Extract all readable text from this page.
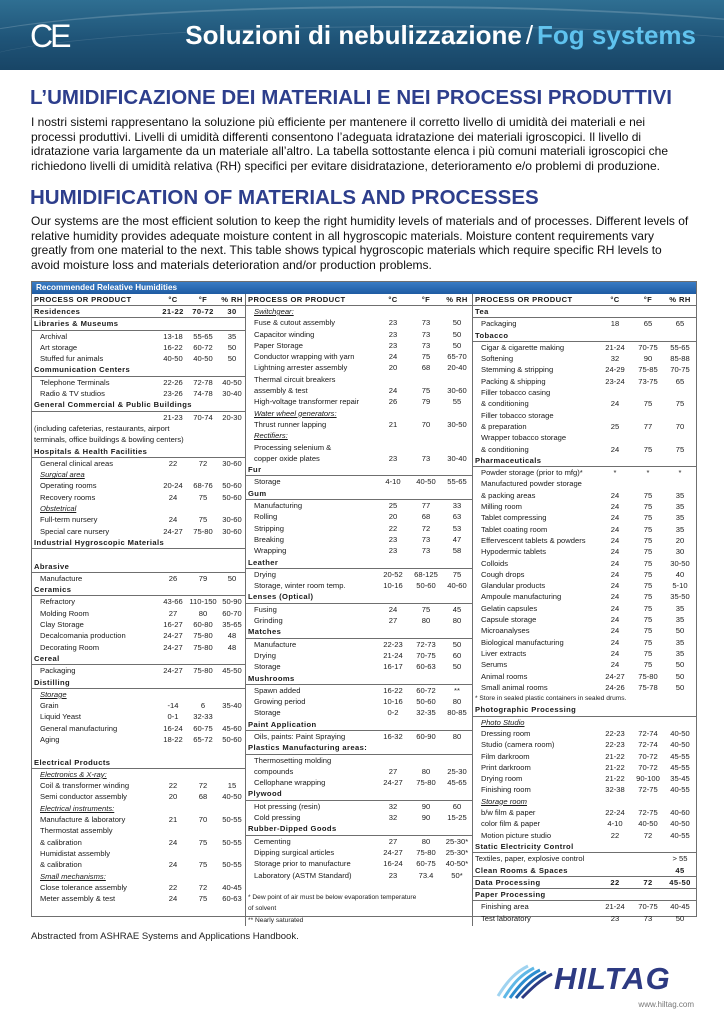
CE	Soluzioni di nebulizzazione / Fog systems
L’UMIDIFICAZIONE DEI MATERIALI E NEI PROCESSI PRODUTTIVI

I nostri sistemi rappresentano la soluzione più efficiente per mantenere il corretto livello di umidità dei materiali e nei processi produttivi. Livelli di umidità differenti consentono l’adeguata idratazione dei materiali igroscopici. Il livello di idratazione varia largamente da un materiale all’altro. La tabella sottostante elenca i più comuni materiali igroscopici che richiedono livelli di umidità relativa (RH) specifici per evitare disidratazione, deterioramento e/o problemi di produzione.

HUMIDIFICATION OF MATERIALS AND PROCESSES

Our systems are the most efficient solution to keep the right humidity levels of materials and of processes. Different levels of relative humidity provides adequate moisture content in all hygroscopic materials. Moisture content requirements vary greatly from one material to the next. This table shows typical hygroscopic materials which require specific RH levels to avoid moisture loss and materials deterioration and/or production problems.

Recommended Releative Humidities
PROCESS OR PRODUCT	°C	°F	% RH
Residences	21-22	70-72	30
Libraries & Museums
Archival	13-18	55-65	35
Art storage	16-22	60-72	50
Stuffed fur animals	40-50	40-50	50
Communication Centers
Telephone Terminals	22-26	72-78	40-50
Radio & TV studios	23-26	74-78	30-40
General Commercial & Public Buildings
21-23	70-74	20-30
(including cafeterias, restaurants, airport
terminals, office buildings & bowling centers)
Hospitals & Health Facilities
General clinical areas	22	72	30-60
Surgical area
Operating rooms	20-24	68-76	50-60
Recovery rooms	24	75	50-60
Obstetrical
Full-term nursery	24	75	30-60
Special care nursery	24-27	75-80	30-60
Industrial Hygroscopic Materials
Abrasive
Manufacture	26	79	50
Ceramics
Refractory	43-66 110-150 50-90
Molding Room	27	80	60-70
Clay Storage	16-27	60-80	35-65
Decalcomania production	24-27	75-80	48
Decorating Room	24-27	75-80	48
Cereal
Packaging	24-27	75-80	45-50
Distilling
Storage
Grain	-14	6	35-40
Liquid Yeast	0-1	32-33
General manufacturing	16-24	60-75	45-60
Aging	18-22	65-72	50-60
Electrical Products
Electronics & X-ray:
Coil & transformer winding	22	72	15
Semi conductor assembly	20	68	40-50
Electrical instruments:
Manufacture & laboratory	21	70	50-55
Thermostat assembly
& calibration	24	75	50-55
Humidistat assembly
& calibration	24	75	50-55
Small mechanisms:
Close tolerance assembly	22	72	40-45
Meter assembly & test	24	75	60-63
PROCESS OR PRODUCT	°C	°F	% RH
Switchgear:
Fuse & cutout assembly	23	73	50
Capacitor winding	23	73	50
Paper Storage	23	73	50
Conductor wrapping with yarn	24	75	65-70
Lightning arrester assembly	20	68	20-40
Thermal circuit breakers
assembly & test	24	75	30-60
High-voltage transformer repair	26	79	55
Water wheel generators:
Thrust runner lapping	21	70	30-50
Rectifiers:
Processing selenium &
copper oxide plates	23	73	30-40
Fur
Storage	4-10	40-50	55-65
Gum
Manufacturing	25	77	33
Rolling	20	68	63
Stripping	22	72	53
Breaking	23	73	47
Wrapping	23	73	58
Leather
Drying	20-52	68-125	75
Storage, winter room temp.	10-16	50-60	40-60
Lenses (Optical)
Fusing	24	75	45
Grinding	27	80	80
Matches
Manufacture	22-23	72-73	50
Drying	21-24	70-75	60
Storage	16-17	60-63	50
Mushrooms
Spawn added	16-22	60-72	**
Growing period	10-16	50-60	80
Storage	0-2	32-35	80-85
Paint Application
Oils, paints: Paint Spraying	16-32	60-90	80
Plastics Manufacturing areas:
Thermosetting molding
compounds	27	80	25-30
Cellophane wrapping	24-27	75-80	45-65
Plywood
Hot pressing (resin)	32	90	60
Cold pressing	32	90	15-25
Rubber-Dipped Goods
Cementing	27	80	25-30*
Dipping surgical articles	24-27	75-80	25-30*
Storage prior to manufacture	16-24	60-75	40-50*
Laboratory (ASTM Standard)	23	73.4	50*
* Dew point of air must be below evaporation temperature
of solvent
** Nearly saturated
PROCESS OR PRODUCT	°C	°F	% RH
Tea
Packaging	18	65	65
Tobacco
Cigar & cigarette making	21-24	70-75	55-65
Softening	32	90	85-88
Stemming & stripping	24-29	75-85	70-75
Packing & shipping	23-24	73-75	65
Filler tobacco casing
& conditioning	24	75	75
Filler tobacco storage
& preparation	25	77	70
Wrapper tobacco storage
& conditioning	24	75	75
Pharmaceuticals
Powder storage (prior to mfg)*	*	*	*
Manufactured powder storage
& packing areas	24	75	35
Milling room	24	75	35
Tablet compressing	24	75	35
Tablet coating room	24	75	35
Effervescent tablets & powders	24	75	20
Hypodermic tablets	24	75	30
Colloids	24	75	30-50
Cough drops	24	75	40
Glandular products	24	75	5-10
Ampoule manufacturing	24	75	35-50
Gelatin capsules	24	75	35
Capsule storage	24	75	35
Microanalyses	24	75	50
Biological manufacturing	24	75	35
Liver extracts	24	75	35
Serums	24	75	50
Animal rooms	24-27	75-80	50
Small animal rooms	24-26	75-78	50
* Store in sealed plastic containers in sealed drums.
Photographic Processing
Photo Studio
Dressing room	22-23	72-74	40-50
Studio (camera room)	22-23	72-74	40-50
Film darkroom	21-22	70-72	45-55
Print darkroom	21-22	70-72	45-55
Drying room	21-22	90-100	35-45
Finishing room	32-38	72-75	40-55
Storage room
b/w film & paper	22-24	72-75	40-60
color film & paper	4-10	40-50	40-50
Motion picture studio	22	72	40-55
Static Electricity Control
Textiles, paper, explosive control	> 55
Clean Rooms & Spaces	45
Data Processing	22	72	45-50
Paper Processing
Finishing area	21-24	70-75	40-45
Test laboratory	23	73	50
Abstracted from ASHRAE Systems and Applications Handbook.
HILTAG
www.hiltag.com
